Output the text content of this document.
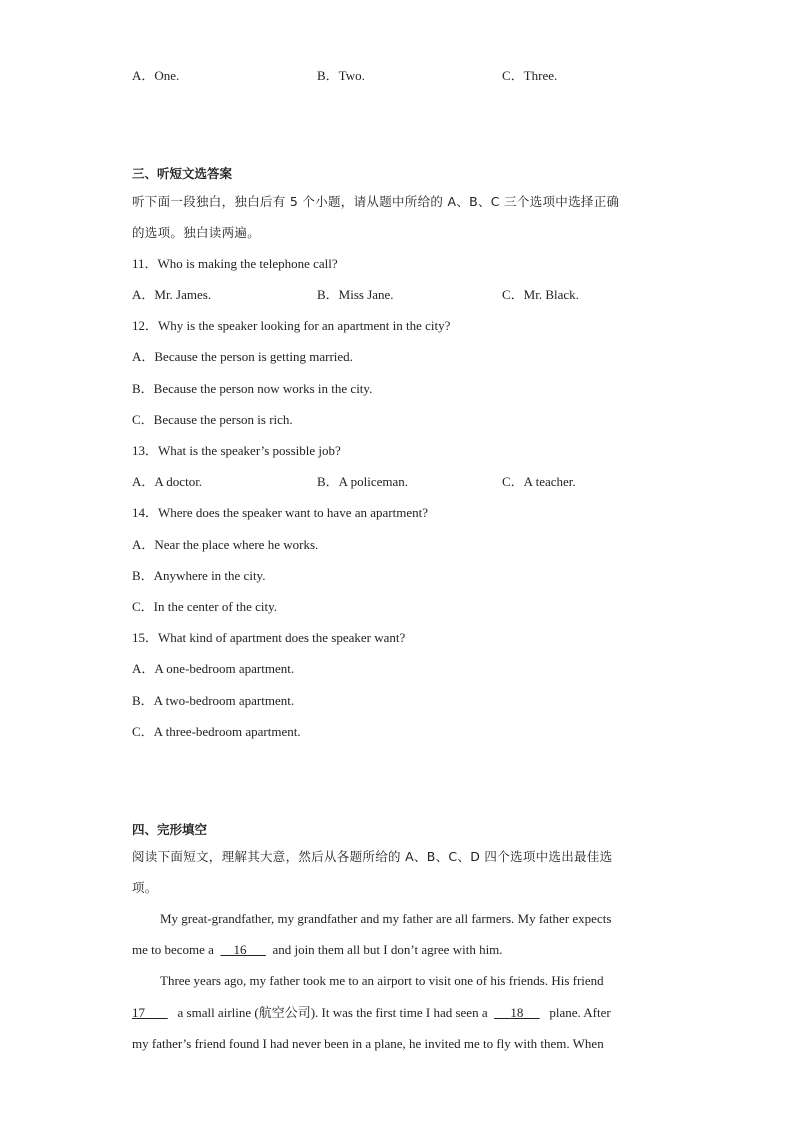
A．One.	B．Two.	C．Three.
三、听短文选答案
听下面一段独白，独白后有 5 个小题，请从题中所给的 A、B、C 三个选项中选择正确
的选项。独白读两遍。
11．Who is making the telephone call?
A．Mr. James.	B．Miss Jane.	C．Mr. Black.
12．Why is the speaker looking for an apartment in the city?
A．Because the person is getting married.
B．Because the person now works in the city.
C．Because the person is rich.
13．What is the speaker’s possible job?
A．A doctor.	B．A policeman.	C．A teacher.
14．Where does the speaker want to have an apartment?
A．Near the place where he works.
B．Anywhere in the city.
C．In the center of the city.
15．What kind of apartment does the speaker want?
A．A one-bedroom apartment.
B．A two-bedroom apartment.
C．A three-bedroom apartment.
四、完形填空
阅读下面短文，理解其大意，然后从各题所给的 A、B、C、D 四个选项中选出最佳选
项。
My great-grandfather, my grandfather and my father are all farmers. My father expects
me to become a 16 and join them all but I don’t agree with him.
Three years ago, my father took me to an airport to visit one of his friends. His friend
17	a small airline (航空公司). It was the first time I had seen a 18 plane. After
my father’s friend found I had never been in a plane, he invited me to fly with them. When
